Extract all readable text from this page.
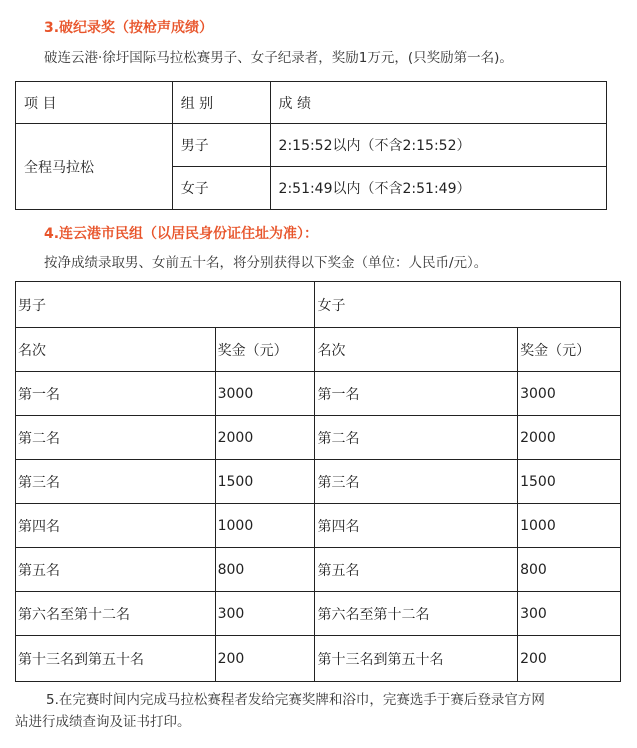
3.破纪录奖（按枪声成绩）
破连云港·徐圩国际马拉松赛男子、女子纪录者，奖励1万元，(只奖励第一名)。
项 目	组 别	成 绩
全程马拉松	男子	2:15:52以内（不含2:15:52）
	女子	2:51:49以内（不含2:51:49）
4.连云港市民组（以居民身份证住址为准）：
按净成绩录取男、女前五十名，将分别获得以下奖金（单位：人民币/元）。
男子		女子	
名次	奖金（元）	名次	奖金（元）
第一名	3000	第一名	3000
第二名	2000	第二名	2000
第三名	1500	第三名	1500
第四名	1000	第四名	1000
第五名	800	第五名	800
第六名至第十二名	300	第六名至第十二名	300
第十三名到第五十名	200	第十三名到第五十名	200
5.在完赛时间内完成马拉松赛程者发给完赛奖牌和浴巾，完赛选手于赛后登录官方网
站进行成绩查询及证书打印。
